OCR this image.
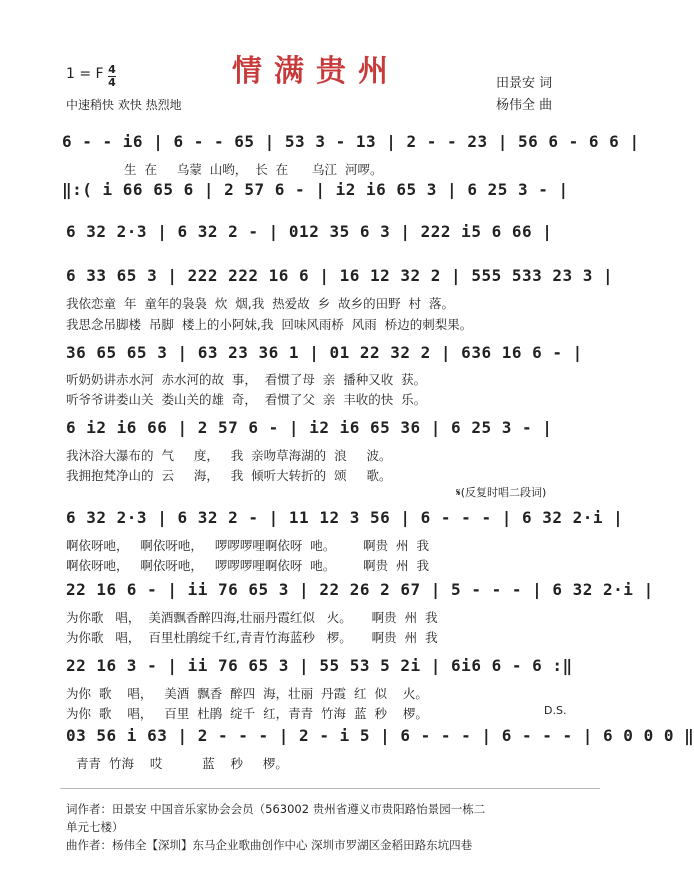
情满贵州
1 = F 4
4
中速稍快 欢快 热烈地
田景安 词
杨伟全 曲
6 - - i6 | 6 - - 65 | 53 3 - 13 | 2 - - 23 | 56 6 - 6 6 |
生  在     乌蒙  山哟，  长  在      乌江  河啰。
‖:( i 66 65 6 | 2 57 6 - | i2 i6 65 3 | 6 25 3 - |
6 32 2·3 | 6 32 2 - | 012 35 6 3 | 222 i5 6 66 |
6 33 65 3 | 222 222 16 6 | 16 12 32 2 | 555 533 23 3 |
我依恋童  年  童年的袅袅  炊  烟,我  热爱故  乡  故乡的田野  村  落。
我思念吊脚楼  吊脚  楼上的小阿妹,我  回味风雨桥  风雨  桥边的刺梨果。
36 65 65 3 | 63 23 36 1 | 01 22 32 2 | 636 16 6 - |
听奶奶讲赤水河  赤水河的故  事，  看惯了母  亲  播种又收  获。
听爷爷讲娄山关  娄山关的雄  奇，  看惯了父  亲  丰收的快  乐。
6 i2 i6 66 | 2 57 6 - | i2 i6 65 36 | 6 25 3 - |
我沐浴大瀑布的  气     度，   我  亲吻草海湖的  浪     波。
我拥抱梵净山的  云     海，   我  倾听大转折的  颂     歌。
𝄋(反复时唱二段词)
6 32 2·3 | 6 32 2 - | 11 12 3 56 | 6 - - - | 6 32 2·i |
啊依呀吔，   啊依呀吔，   啰啰啰哩啊依呀  吔。       啊贵  州  我
啊依呀吔，   啊依呀吔，   啰啰啰哩啊依呀  吔。       啊贵  州  我
22 16 6 - | ii 76 65 3 | 22 26 2 67 | 5 - - - | 6 32 2·i |
为你歌   唱，  美酒飘香醉四海,壮丽丹霞红似   火。     啊贵  州  我
为你歌   唱，  百里杜鹃绽千红,青青竹海蓝秒   椤。     啊贵  州  我
22 16 3 - | ii 76 65 3 | 55 53 5 2i | 6i6 6 - 6 :‖
为你  歌    唱，   美酒  飘香  醉四  海，壮丽  丹霞  红  似    火。
为你  歌    唱，   百里  杜鹃  绽千  红，青青  竹海  蓝  秒    椤。	D.S.
03 56 i 63 | 2 - - - | 2 - i 5 | 6 - - - | 6 - - - | 6 0 0 0 ‖
青青  竹海    哎          蓝    秒     椤。
词作者：田景安 中国音乐家协会会员（563002 贵州省遵义市贵阳路怡景园一栋二
单元七楼）
曲作者：杨伟全【深圳】东马企业歌曲创作中心 深圳市罗湖区金稻田路东坑四巷
